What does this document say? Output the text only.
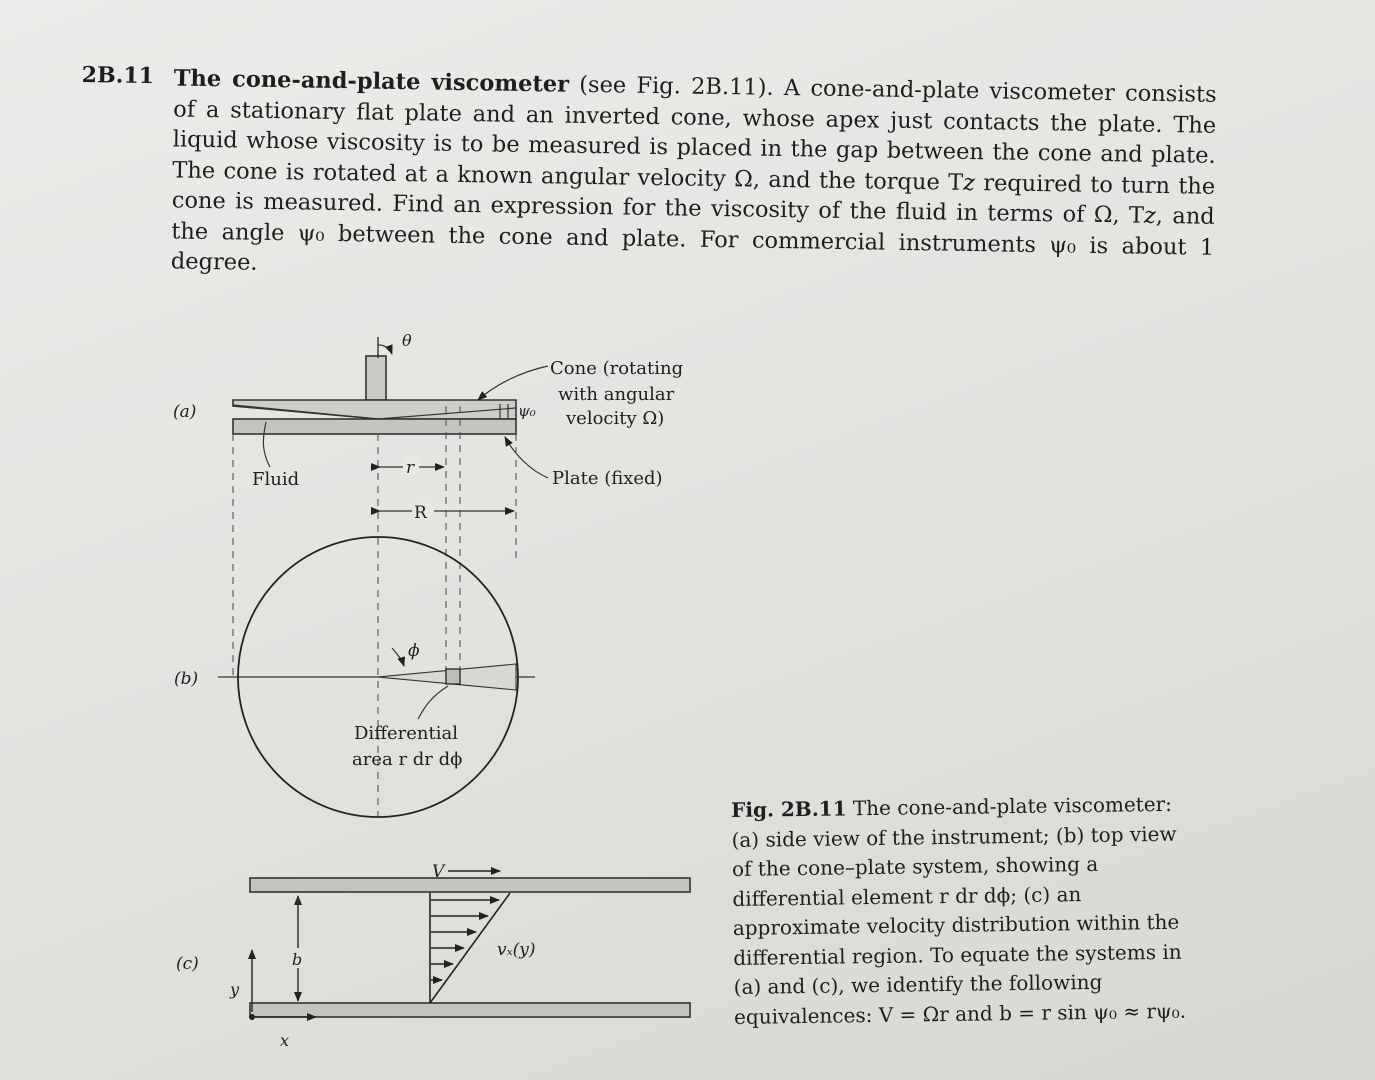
2B.11 The cone-and-plate viscometer (see Fig. 2B.11). A cone-and-plate viscometer consists of a stationary flat plate and an inverted cone, whose apex just contacts the plate. The liquid whose viscosity is to be measured is placed in the gap between the cone and plate. The cone is rotated at a known angular velocity Ω, and the torque T𝑧 required to turn the cone is measured. Find an expression for the viscosity of the fluid in terms of Ω, T𝑧, and the angle ψ₀ between the cone and plate. For commercial instruments ψ₀ is about 1 degree.
(a)
θ
ψ₀
Cone (rotating with angular velocity Ω)
Plate (fixed)
Fluid
r
R
(b)
ϕ
Differential area r dr dϕ
(c)
V
vₓ(y)
b
y
x
Fig. 2B.11 The cone-and-plate viscometer: (a) side view of the instrument; (b) top view of the cone–plate system, showing a differential element r dr dϕ; (c) an approximate velocity distribution within the differential region. To equate the systems in (a) and (c), we identify the following equivalences: V = Ωr and b = r sin ψ₀ ≈ rψ₀.
